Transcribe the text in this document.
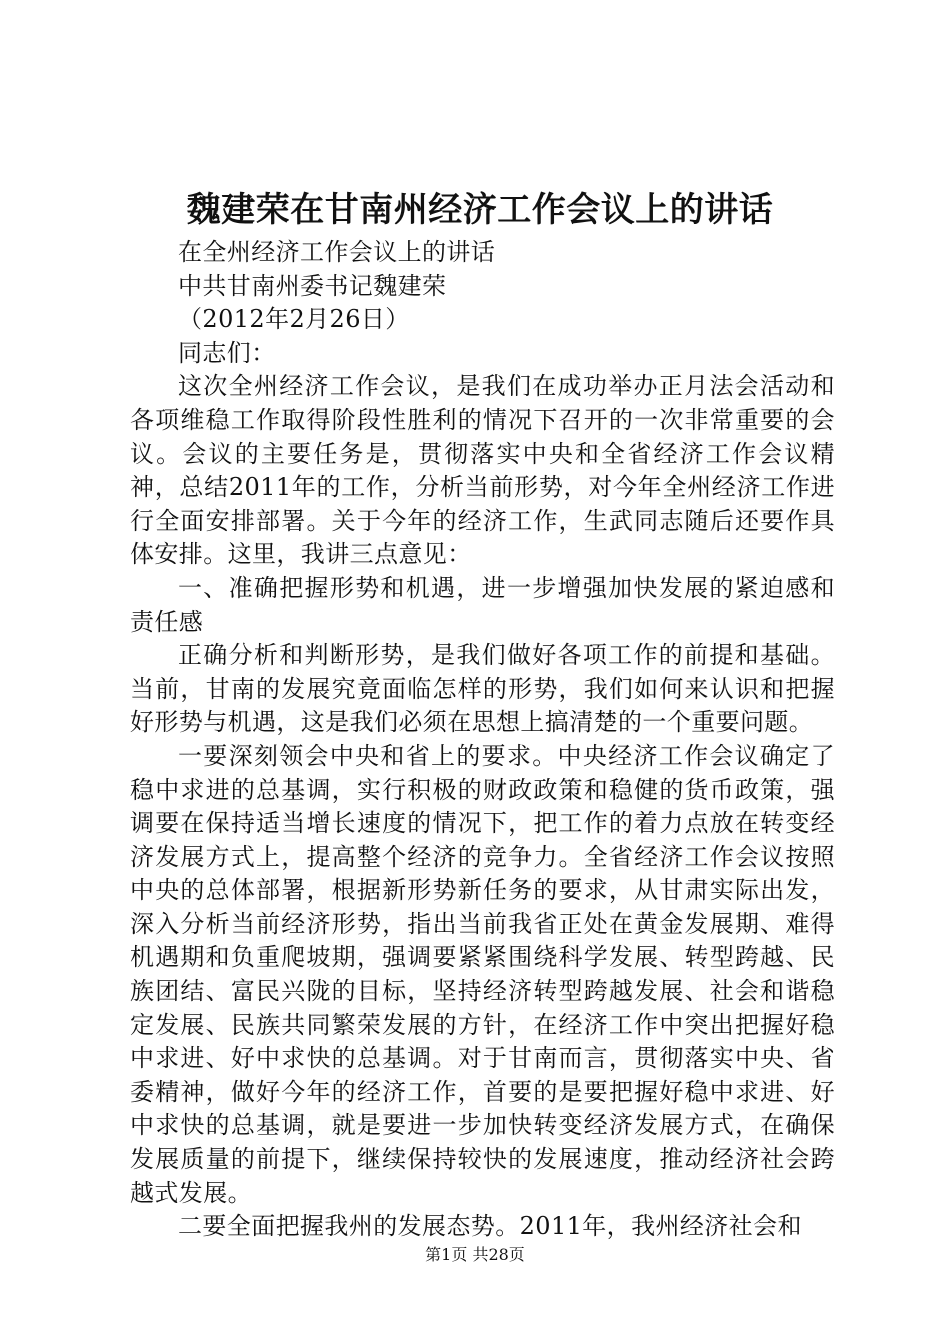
魏建荣在甘南州经济工作会议上的讲话

在全州经济工作会议上的讲话

中共甘南州委书记魏建荣

（2012年2月26日）

同志们：

这次全州经济工作会议，是我们在成功举办正月法会活动和各项维稳工作取得阶段性胜利的情况下召开的一次非常重要的会议。会议的主要任务是，贯彻落实中央和全省经济工作会议精神，总结2011年的工作，分析当前形势，对今年全州经济工作进行全面安排部署。关于今年的经济工作，生武同志随后还要作具体安排。这里，我讲三点意见：

一、准确把握形势和机遇，进一步增强加快发展的紧迫感和责任感

正确分析和判断形势，是我们做好各项工作的前提和基础。当前，甘南的发展究竟面临怎样的形势，我们如何来认识和把握好形势与机遇，这是我们必须在思想上搞清楚的一个重要问题。

一要深刻领会中央和省上的要求。中央经济工作会议确定了稳中求进的总基调，实行积极的财政政策和稳健的货币政策，强调要在保持适当增长速度的情况下，把工作的着力点放在转变经济发展方式上，提高整个经济的竞争力。全省经济工作会议按照中央的总体部署，根据新形势新任务的要求，从甘肃实际出发，深入分析当前经济形势，指出当前我省正处在黄金发展期、难得机遇期和负重爬坡期，强调要紧紧围绕科学发展、转型跨越、民族团结、富民兴陇的目标，坚持经济转型跨越发展、社会和谐稳定发展、民族共同繁荣发展的方针，在经济工作中突出把握好稳中求进、好中求快的总基调。对于甘南而言，贯彻落实中央、省委精神，做好今年的经济工作，首要的是要把握好稳中求进、好中求快的总基调，就是要进一步加快转变经济发展方式，在确保发展质量的前提下，继续保持较快的发展速度，推动经济社会跨越式发展。

二要全面把握我州的发展态势。2011年，我州经济社会和

第1页 共28页
